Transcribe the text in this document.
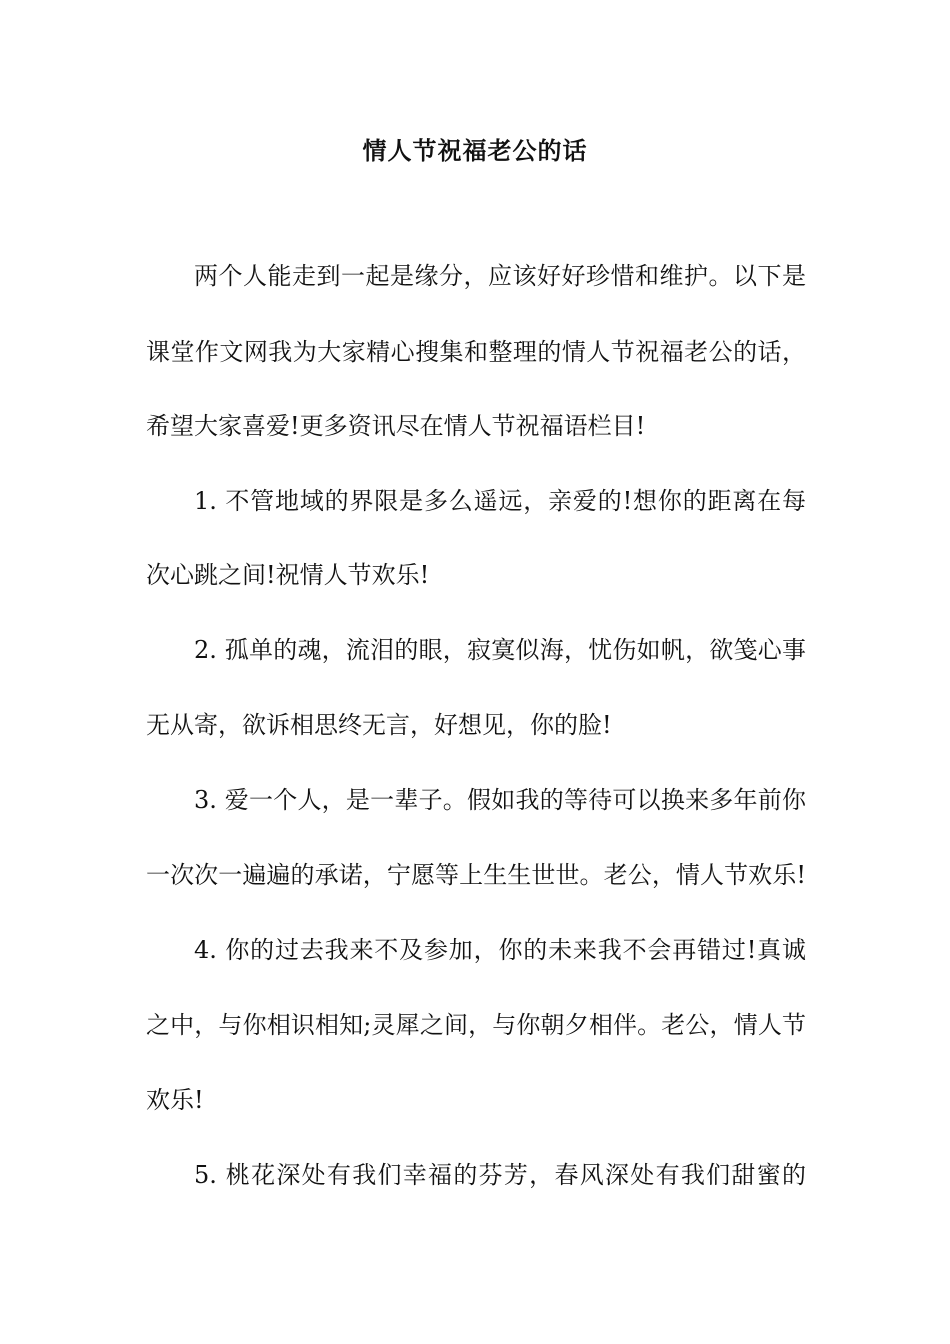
情人节祝福老公的话
两个人能走到一起是缘分，应该好好珍惜和维护。以下是
课堂作文网我为大家精心搜集和整理的情人节祝福老公的话，
希望大家喜爱!更多资讯尽在情人节祝福语栏目!
1. 不管地域的界限是多么遥远，亲爱的!想你的距离在每
次心跳之间!祝情人节欢乐!
2. 孤单的魂，流泪的眼，寂寞似海，忧伤如帆，欲笺心事
无从寄，欲诉相思终无言，好想见，你的脸!
3. 爱一个人，是一辈子。假如我的等待可以换来多年前你
一次次一遍遍的承诺，宁愿等上生生世世。老公，情人节欢乐!
4. 你的过去我来不及参加，你的未来我不会再错过!真诚
之中，与你相识相知;灵犀之间，与你朝夕相伴。老公，情人节
欢乐!
5. 桃花深处有我们幸福的芬芳，春风深处有我们甜蜜的
